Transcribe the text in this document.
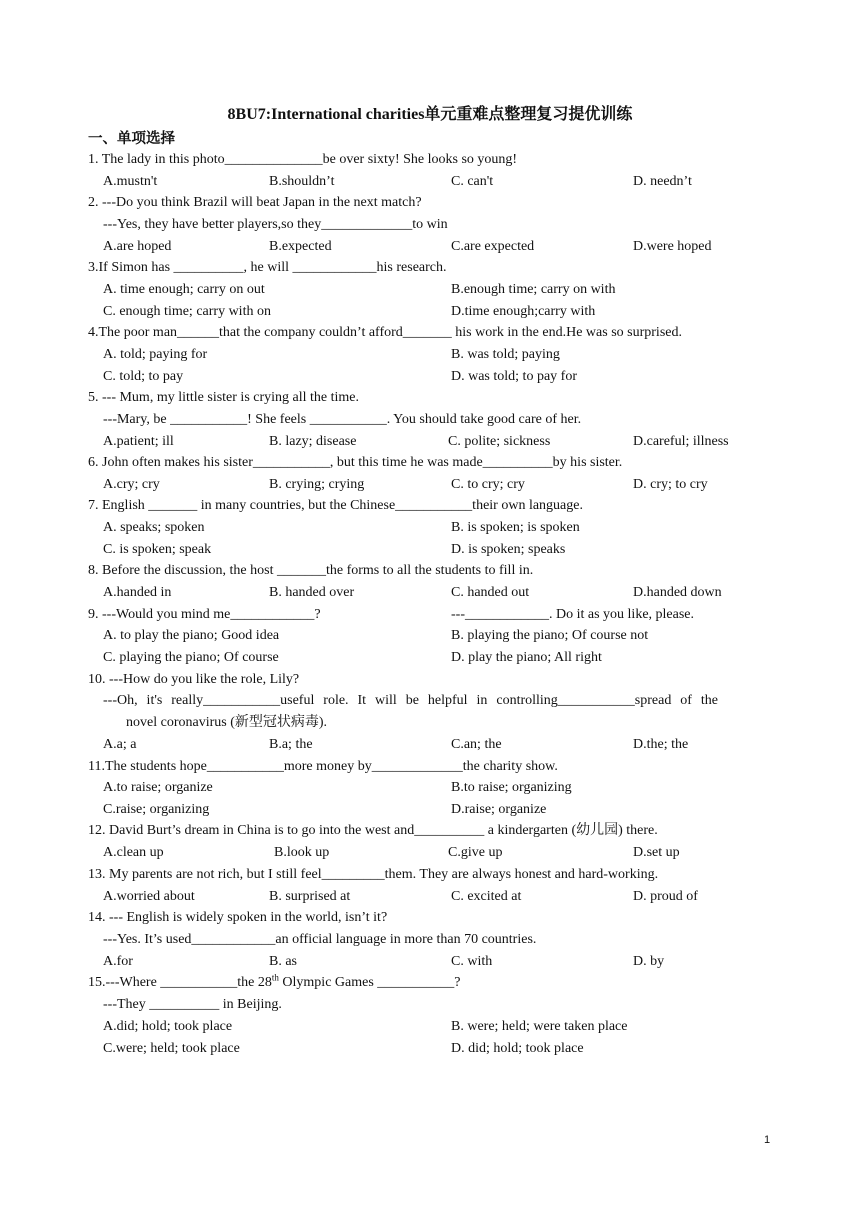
8BU7:International charities单元重难点整理复习提优训练
一、单项选择
1. The lady in this photo______________be over sixty! She looks so young!
A.mustn't	B.shouldn’t	C. can't	D. needn’t
2. ---Do you think Brazil will beat Japan in the next match?
---Yes, they have better players,so they_____________to win
A.are hoped	B.expected	C.are expected	D.were hoped
3.If Simon has __________, he will ____________his research.
A. time enough; carry on out	B.enough time; carry on with
C. enough time; carry with on	D.time enough;carry with
4.The poor man______that the company couldn’t afford_______ his work in the end.He was so surprised.
A. told; paying for	B. was told; paying
C. told; to pay	D. was told; to pay for
5. --- Mum, my little sister is crying all the time.
---Mary, be ___________! She feels ___________. You should take good care of her.
A.patient; ill	B. lazy; disease	C. polite; sickness	D.careful; illness
6. John often makes his sister___________, but this time he was made__________by his sister.
A.cry; cry	B. crying; crying	C. to cry; cry	D. cry; to cry
7. English _______ in many countries, but the Chinese___________their own language.
A. speaks; spoken	B. is spoken; is spoken
C. is spoken; speak	D. is spoken; speaks
8. Before the discussion, the host _______the forms to all the students to fill in.
A.handed in	B. handed over	C. handed out	D.handed down
9. ---Would you mind me____________?	---____________. Do it as you like, please.
A. to play the piano; Good idea	B. playing the piano; Of course not
C. playing the piano; Of course	D. play the piano; All right
10. ---How do you like the role, Lily?
---Oh, it's really___________useful role. It will be helpful in controlling___________spread of the
novel coronavirus (新型冠状病毒).
A.a; a	B.a; the	C.an; the	D.the; the
11.The students hope___________more money by_____________the charity show.
A.to raise; organize	B.to raise; organizing
C.raise; organizing	D.raise; organize
12. David Burt’s dream in China is to go into the west and__________ a kindergarten (幼儿园) there.
A.clean up	B.look up	C.give up	D.set up
13. My parents are not rich, but I still feel_________them. They are always honest and hard-working.
A.worried about	B. surprised at	C. excited at	D. proud of
14. --- English is widely spoken in the world, isn’t it?
---Yes. It’s used____________an official language in more than 70 countries.
A.for	B. as	C. with	D. by
15.---Where ___________the 28th Olympic Games ___________?
---They __________ in Beijing.
A.did; hold; took place	B. were; held; were taken place
C.were; held; took place	D. did; hold; took place
1
